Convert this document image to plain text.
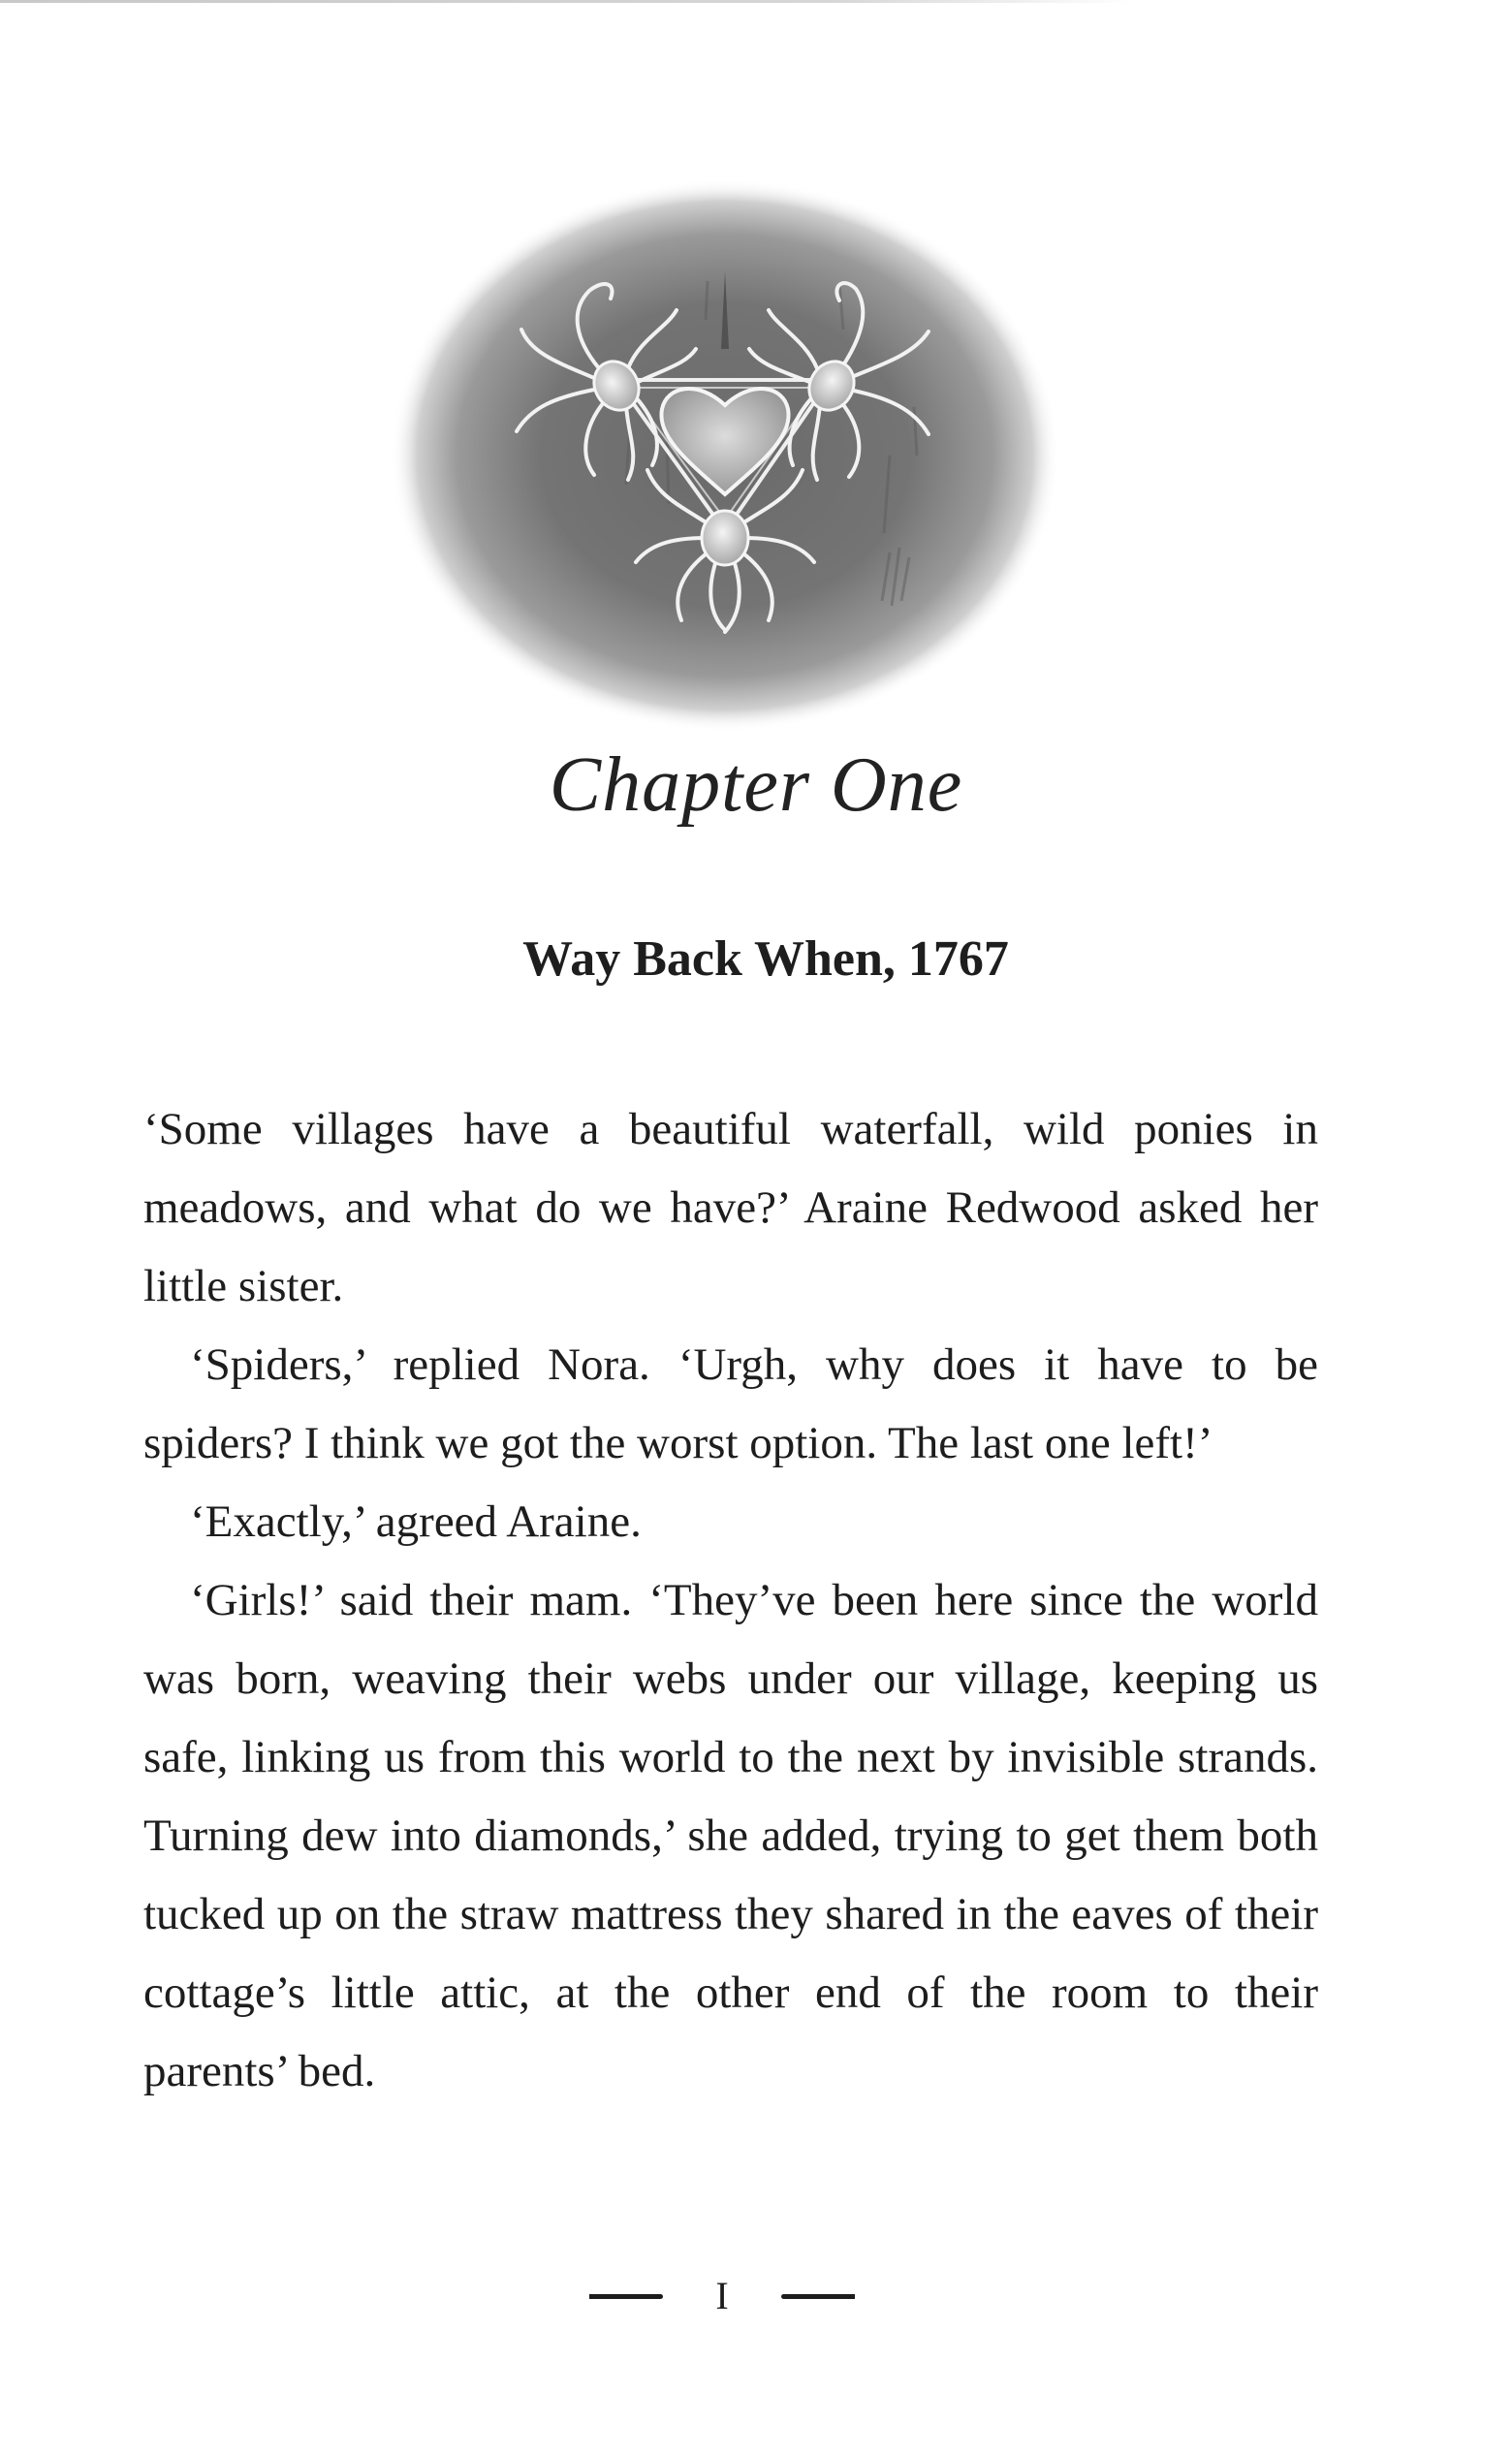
Chapter One
Way Back When, 1767

‘Some villages have a beautiful waterfall, wild ponies in meadows, and what do we have?’ Araine Redwood asked her little sister.

‘Spiders,’ replied Nora. ‘Urgh, why does it have to be spiders? I think we got the worst option. The last one left!’

‘Exactly,’ agreed Araine.

‘Girls!’ said their mam. ‘They’ve been here since the world was born, weaving their webs under our village, keeping us safe, linking us from this world to the next by invisible strands. Turning dew into diamonds,’ she added, trying to get them both tucked up on the straw mattress they shared in the eaves of their cottage’s little attic, at the other end of the room to their parents’ bed.

I
